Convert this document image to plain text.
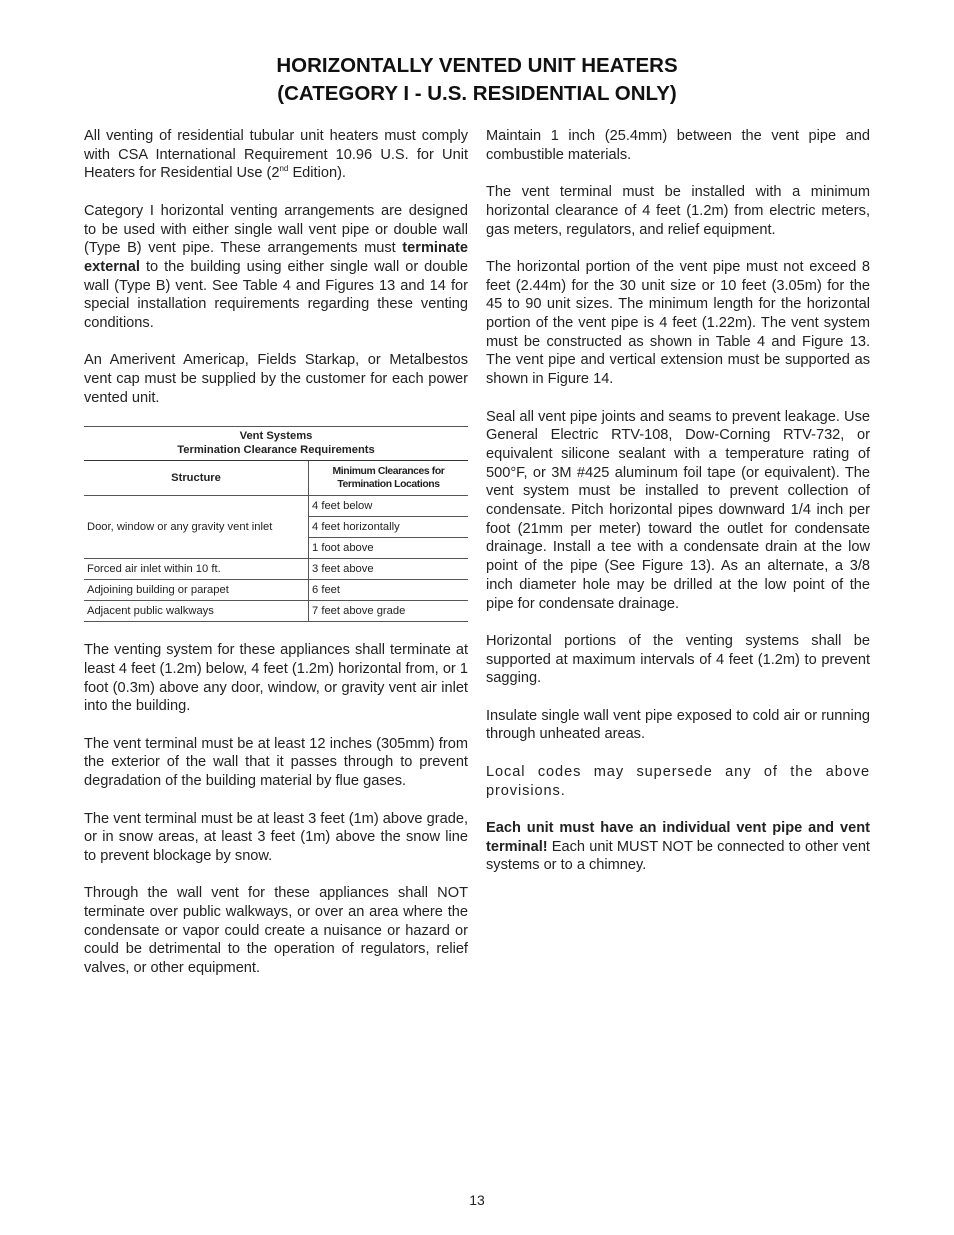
HORIZONTALLY VENTED UNIT HEATERS
(CATEGORY I - U.S. RESIDENTIAL ONLY)

All venting of residential tubular unit heaters must comply with CSA International Requirement 10.96 U.S. for Unit Heaters for Residential Use (2nd Edition).

Category I horizontal venting arrangements are designed to be used with either single wall vent pipe or double wall (Type B) vent pipe. These arrangements must terminate external to the building using either single wall or double wall (Type B) vent. See Table 4 and Figures 13 and 14 for special installation requirements regarding these venting conditions.

An Amerivent Americap, Fields Starkap, or Metalbestos vent cap must be supplied by the customer for each power vented unit.

Vent Systems
Termination Clearance Requirements	

Structure	Minimum Clearances for Termination Locations
Door, window or any gravity vent inlet	4 feet below
	4 feet horizontally
	1 foot above
Forced air inlet within 10 ft.	3 feet above
Adjoining building or parapet	6 feet
Adjacent public walkways	7 feet above grade

The venting system for these appliances shall terminate at least 4 feet (1.2m) below, 4 feet (1.2m) horizontal from, or 1 foot (0.3m) above any door, window, or gravity vent air inlet into the building.

The vent terminal must be at least 12 inches (305mm) from the exterior of the wall that it passes through to prevent degradation of the building material by flue gases.

The vent terminal must be at least 3 feet (1m) above grade, or in snow areas, at least 3 feet (1m) above the snow line to prevent blockage by snow.

Through the wall vent for these appliances shall NOT terminate over public walkways, or over an area where the condensate or vapor could create a nuisance or hazard or could be detrimental to the operation of regulators, relief valves, or other equipment.

Maintain 1 inch (25.4mm) between the vent pipe and combustible materials.

The vent terminal must be installed with a minimum horizontal clearance of 4 feet (1.2m) from electric meters, gas meters, regulators, and relief equipment.

The horizontal portion of the vent pipe must not exceed 8 feet (2.44m) for the 30 unit size or 10 feet (3.05m) for the 45 to 90 unit sizes. The minimum length for the horizontal portion of the vent pipe is 4 feet (1.22m). The vent system must be constructed as shown in Table 4 and Figure 13. The vent pipe and vertical extension must be supported as shown in Figure 14.

Seal all vent pipe joints and seams to prevent leakage. Use General Electric RTV-108, Dow-Corning RTV-732, or equivalent silicone sealant with a temperature rating of 500°F, or 3M #425 aluminum foil tape (or equivalent). The vent system must be installed to prevent collection of condensate. Pitch horizontal pipes downward 1/4 inch per foot (21mm per meter) toward the outlet for condensate drainage. Install a tee with a condensate drain at the low point of the pipe (See Figure 13). As an alternate, a 3/8 inch diameter hole may be drilled at the low point of the pipe for condensate drainage.

Horizontal portions of the venting systems shall be supported at maximum intervals of 4 feet (1.2m) to prevent sagging.

Insulate single wall vent pipe exposed to cold air or running through unheated areas.

Local codes may supersede any of the above provisions.

Each unit must have an individual vent pipe and vent terminal! Each unit MUST NOT be connected to other vent systems or to a chimney.

13
